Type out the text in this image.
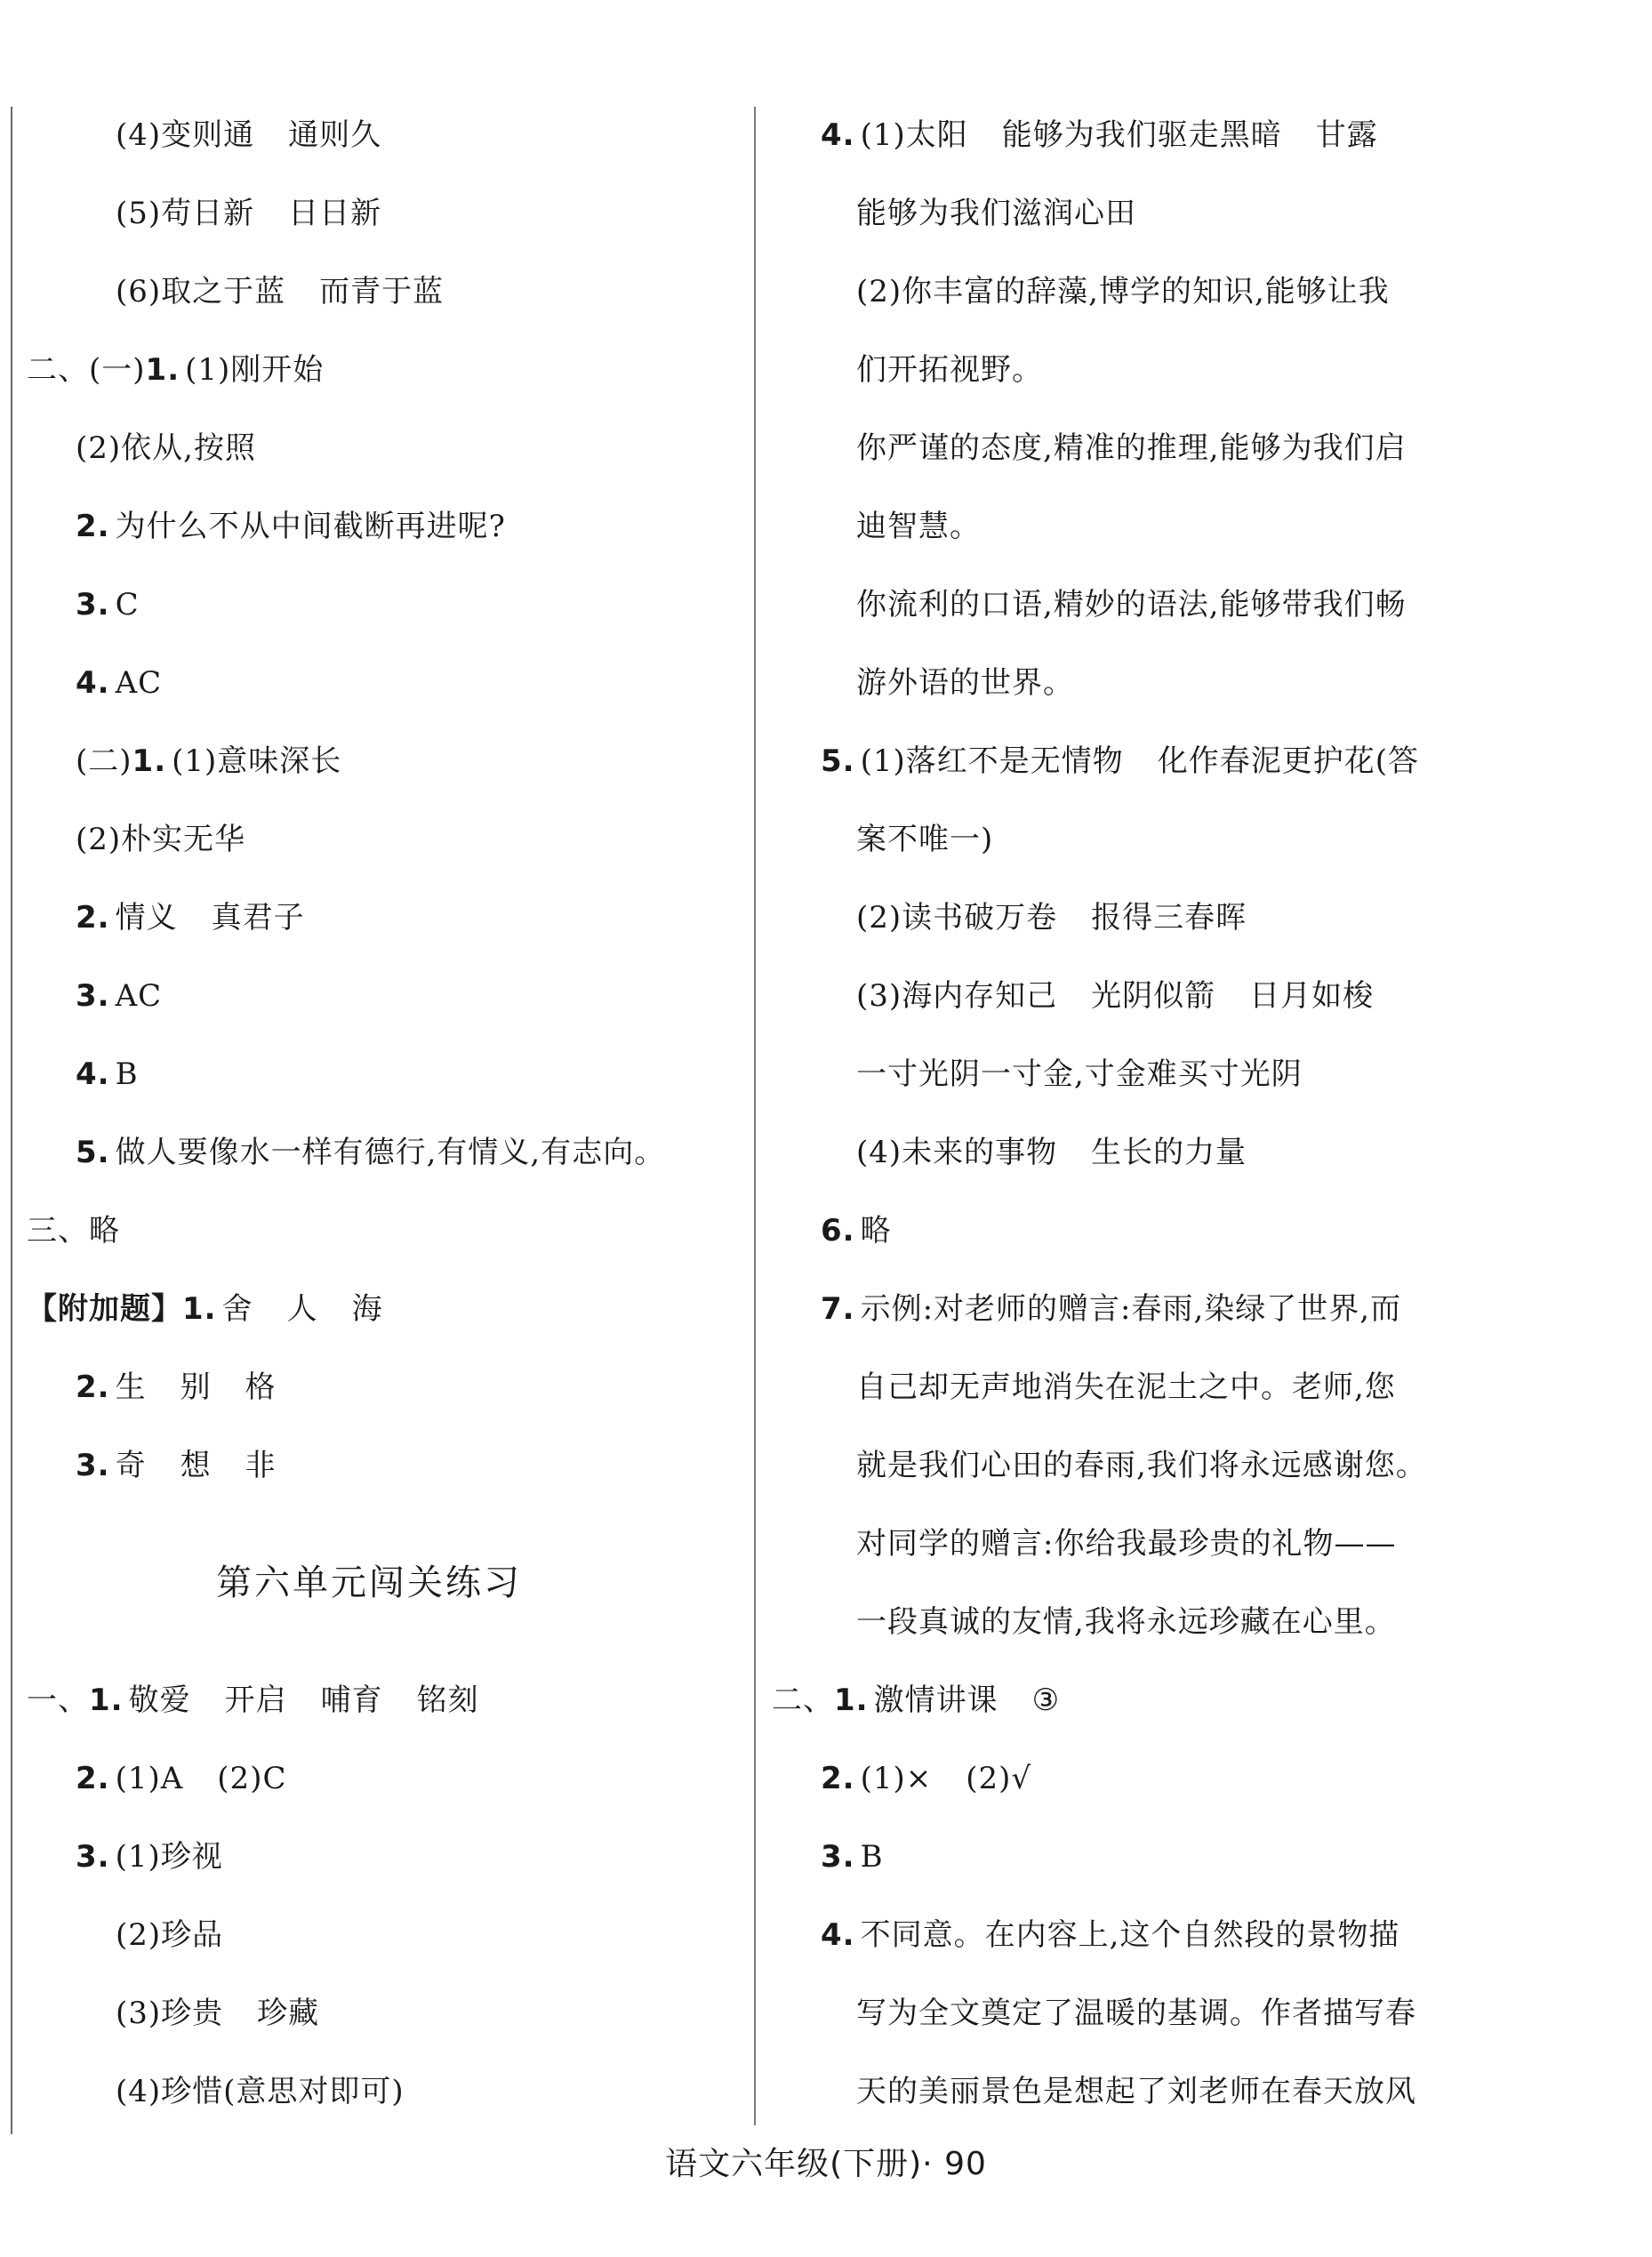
(4)变则通 通则久
(5)苟日新 日日新
(6)取之于蓝 而青于蓝
二、(一)1. (1)刚开始
(2)依从,按照
2. 为什么不从中间截断再进呢?
3. C
4. AC
(二)1. (1)意味深长
(2)朴实无华
2. 情义 真君子
3. AC
4. B
5. 做人要像水一样有德行,有情义,有志向。
三、略
【附加题】1. 舍 人 海
2. 生 别 格
3. 奇 想 非
第六单元闯关练习
一、1. 敬爱 开启 哺育 铭刻
2. (1)A (2)C
3. (1)珍视
(2)珍品
(3)珍贵 珍藏
(4)珍惜(意思对即可)
4. (1)太阳 能够为我们驱走黑暗 甘露
能够为我们滋润心田
(2)你丰富的辞藻,博学的知识,能够让我
们开拓视野。
你严谨的态度,精准的推理,能够为我们启
迪智慧。
你流利的口语,精妙的语法,能够带我们畅
游外语的世界。
5. (1)落红不是无情物 化作春泥更护花(答
案不唯一)
(2)读书破万卷 报得三春晖
(3)海内存知己 光阴似箭 日月如梭
一寸光阴一寸金,寸金难买寸光阴
(4)未来的事物 生长的力量
6. 略
7. 示例:对老师的赠言:春雨,染绿了世界,而
自己却无声地消失在泥土之中。老师,您
就是我们心田的春雨,我们将永远感谢您。
对同学的赠言:你给我最珍贵的礼物——
一段真诚的友情,我将永远珍藏在心里。
二、1. 激情讲课 ③
2. (1)× (2)√
3. B
4. 不同意。在内容上,这个自然段的景物描
写为全文奠定了温暖的基调。作者描写春
天的美丽景色是想起了刘老师在春天放风
语文六年级(下册)· 90
